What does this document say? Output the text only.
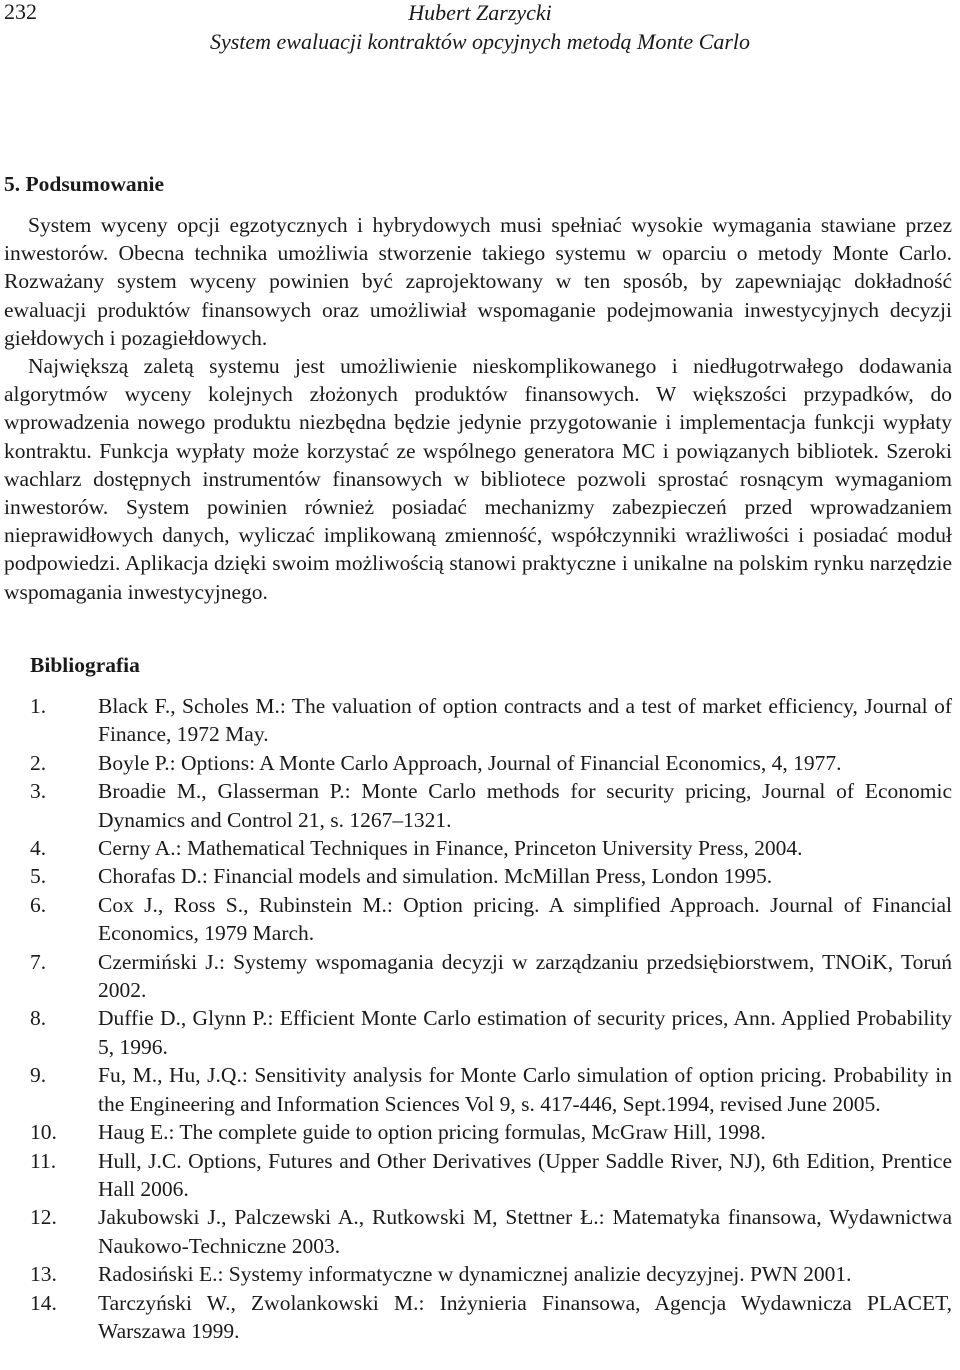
232	Hubert Zarzycki
System ewaluacji kontraktów opcyjnych metodą Monte Carlo
5. Podsumowanie

System wyceny opcji egzotycznych i hybrydowych musi spełniać wysokie wymagania stawiane przez inwestorów. Obecna technika umożliwia stworzenie takiego systemu w oparciu o metody Monte Carlo. Rozważany system wyceny powinien być zaprojektowany w ten sposób, by zapewniając dokładność ewaluacji produktów finansowych oraz umożliwiał wspomaganie podejmowania inwestycyjnych decyzji giełdowych i pozagiełdowych.

Największą zaletą systemu jest umożliwienie nieskomplikowanego i niedługotrwałego dodawania algorytmów wyceny kolejnych złożonych produktów finansowych. W większości przypadków, do wprowadzenia nowego produktu niezbędna będzie jedynie przygotowanie i implementacja funkcji wypłaty kontraktu. Funkcja wypłaty może korzystać ze wspólnego generatora MC i powiązanych bibliotek. Szeroki wachlarz dostępnych instrumentów finansowych w bibliotece pozwoli sprostać rosnącym wymaganiom inwestorów. System powinien również posiadać mechanizmy zabezpieczeń przed wprowadzaniem nieprawidłowych danych, wyliczać implikowaną zmienność, współczynniki wrażliwości i posiadać moduł podpowiedzi. Aplikacja dzięki swoim możliwością stanowi praktyczne i unikalne na polskim rynku narzędzie wspomagania inwestycyjnego.

Bibliografia
1.	Black F., Scholes M.: The valuation of option contracts and a test of market efficiency, Journal of Finance, 1972 May.
2.	Boyle P.: Options: A Monte Carlo Approach, Journal of Financial Economics, 4, 1977.
3.	Broadie M., Glasserman P.: Monte Carlo methods for security pricing, Journal of Economic Dynamics and Control 21, s. 1267–1321.
4.	Cerny A.: Mathematical Techniques in Finance, Princeton University Press, 2004.
5.	Chorafas D.: Financial models and simulation. McMillan Press, London 1995.
6.	Cox J., Ross S., Rubinstein M.: Option pricing. A simplified Approach. Journal of Financial Economics, 1979 March.
7.	Czermiński J.: Systemy wspomagania decyzji w zarządzaniu przedsiębiorstwem, TNOiK, Toruń 2002.
8.	Duffie D., Glynn P.: Efficient Monte Carlo estimation of security prices, Ann. Applied Probability 5, 1996.
9.	Fu, M., Hu, J.Q.: Sensitivity analysis for Monte Carlo simulation of option pricing. Probability in the Engineering and Information Sciences Vol 9, s. 417-446, Sept.1994, revised June 2005.
10.	Haug E.: The complete guide to option pricing formulas, McGraw Hill, 1998.
11.	Hull, J.C. Options, Futures and Other Derivatives (Upper Saddle River, NJ), 6th Edition, Prentice Hall 2006.
12.	Jakubowski J., Palczewski A., Rutkowski M, Stettner Ł.: Matematyka finansowa, Wydawnictwa Naukowo-Techniczne 2003.
13.	Radosiński E.: Systemy informatyczne w dynamicznej analizie decyzyjnej. PWN 2001.
14.	Tarczyński W., Zwolankowski M.: Inżynieria Finansowa, Agencja Wydawnicza PLACET, Warszawa 1999.
